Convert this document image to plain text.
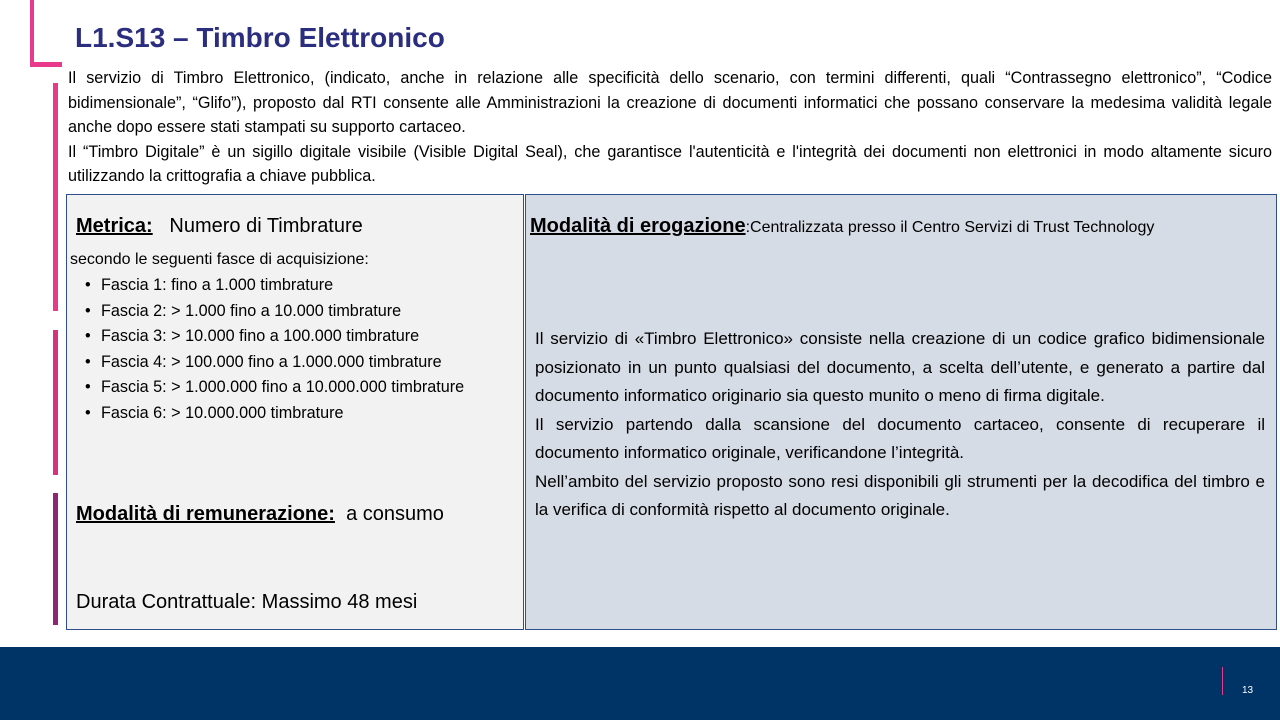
L1.S13 – Timbro Elettronico

Il servizio di Timbro Elettronico, (indicato, anche in relazione alle specificità dello scenario, con termini differenti, quali “Contrassegno elettronico”, “Codice bidimensionale”, “Glifo”), proposto dal RTI consente alle Amministrazioni la creazione di documenti informatici che possano conservare la medesima validità legale anche dopo essere stati stampati su supporto cartaceo.

Il “Timbro Digitale” è un sigillo digitale visibile (Visible Digital Seal), che garantisce l'autenticità e l'integrità dei documenti non elettronici in modo altamente sicuro utilizzando la crittografia a chiave pubblica.

Metrica: Numero di Timbrature
secondo le seguenti fasce di acquisizione:
• Fascia 1: fino a 1.000 timbrature
• Fascia 2: > 1.000 fino a 10.000 timbrature
• Fascia 3: > 10.000 fino a 100.000 timbrature
• Fascia 4: > 100.000 fino a 1.000.000 timbrature
• Fascia 5: > 1.000.000 fino a 10.000.000 timbrature
• Fascia 6: > 10.000.000 timbrature
Modalità di remunerazione: a consumo
Durata Contrattuale: Massimo 48 mesi
Modalità di erogazione:Centralizzata presso il Centro Servizi di Trust Technology

Il servizio di «Timbro Elettronico» consiste nella creazione di un codice grafico bidimensionale posizionato in un punto qualsiasi del documento, a scelta dell’utente, e generato a partire dal documento informatico originario sia questo munito o meno di firma digitale.

Il servizio partendo dalla scansione del documento cartaceo, consente di recuperare il documento informatico originale, verificandone l’integrità.

Nell’ambito del servizio proposto sono resi disponibili gli strumenti per la decodifica del timbro e la verifica di conformità rispetto al documento originale.

13
